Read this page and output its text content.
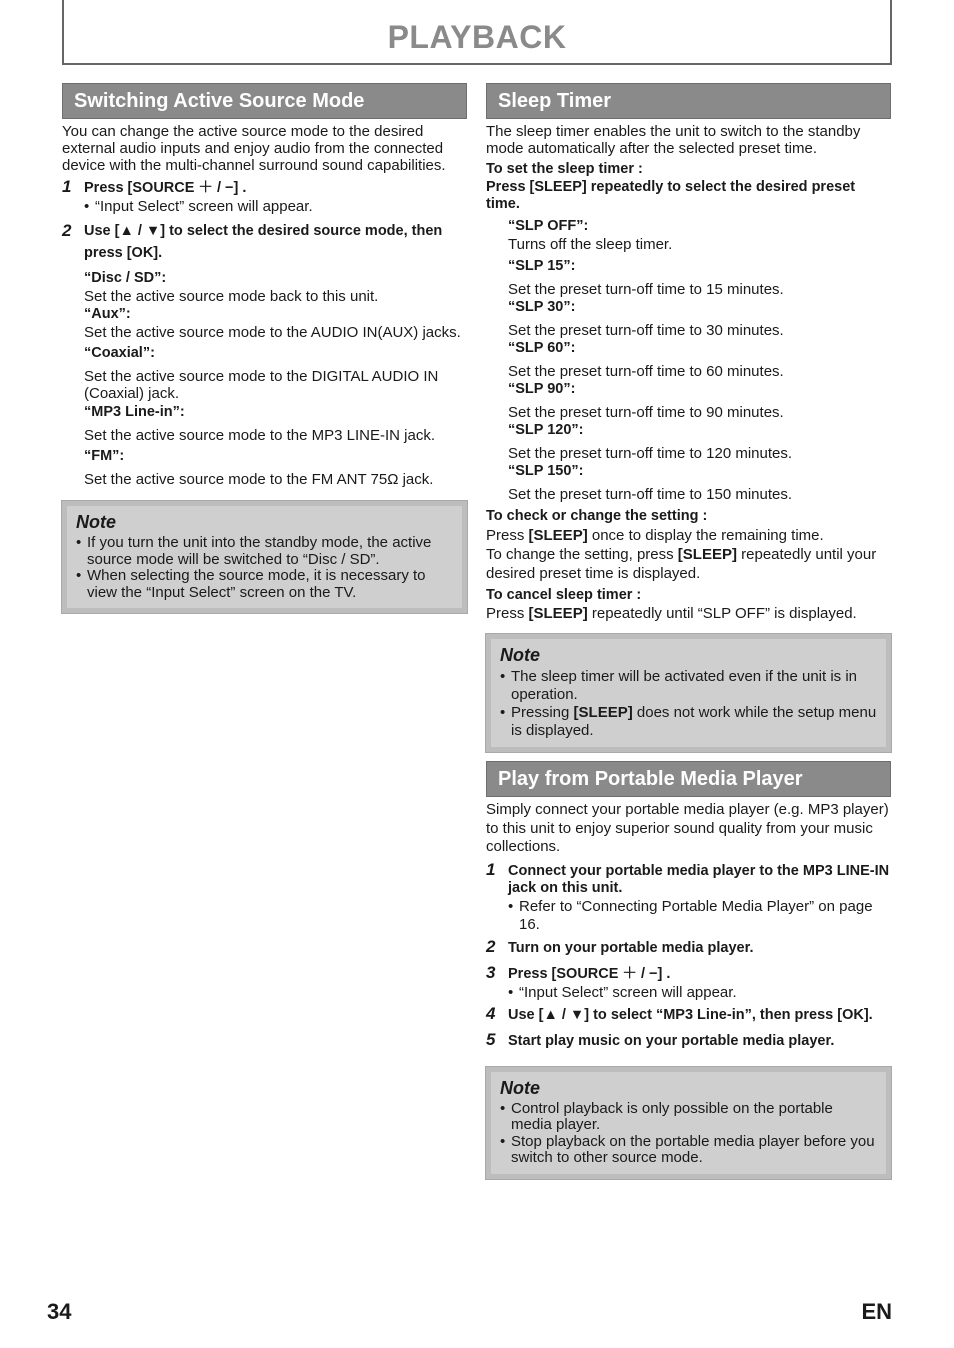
PLAYBACK
Switching Active Source Mode

You can change the active source mode to the desired external audio inputs and enjoy audio from the connected device with the multi-channel surround sound capabilities.

1 Press [SOURCE ＋ / −] .
• “Input Select” screen will appear.
2 Use [▲ / ▼] to select the desired source mode, then press [OK].
“Disc / SD”:
Set the active source mode back to this unit.
“Aux”:
Set the active source mode to the AUDIO IN(AUX) jacks.
“Coaxial”:
Set the active source mode to the DIGITAL AUDIO IN (Coaxial) jack.
“MP3 Line-in”:
Set the active source mode to the MP3 LINE-IN jack.
“FM”:
Set the active source mode to the FM ANT 75Ω jack.
Note
• If you turn the unit into the standby mode, the active source mode will be switched to “Disc / SD”.
• When selecting the source mode, it is necessary to view the “Input Select” screen on the TV.
Sleep Timer

The sleep timer enables the unit to switch to the standby mode automatically after the selected preset time.

To set the sleep timer :
Press [SLEEP] repeatedly to select the desired preset time.
“SLP OFF”:
Turns off the sleep timer.
“SLP 15”:
Set the preset turn-off time to 15 minutes.
“SLP 30”:
Set the preset turn-off time to 30 minutes.
“SLP 60”:
Set the preset turn-off time to 60 minutes.
“SLP 90”:
Set the preset turn-off time to 90 minutes.
“SLP 120”:
Set the preset turn-off time to 120 minutes.
“SLP 150”:
Set the preset turn-off time to 150 minutes.
To check or change the setting :

Press [SLEEP] once to display the remaining time.

To change the setting, press [SLEEP] repeatedly until your desired preset time is displayed.

To cancel sleep timer :

Press [SLEEP] repeatedly until “SLP OFF” is displayed.

Note
• The sleep timer will be activated even if the unit is in operation.
• Pressing [SLEEP] does not work while the setup menu is displayed.
Play from Portable Media Player

Simply connect your portable media player (e.g. MP3 player) to this unit to enjoy superior sound quality from your music collections.

1 Connect your portable media player to the MP3 LINE-IN jack on this unit.
• Refer to “Connecting Portable Media Player” on page 16.
2 Turn on your portable media player.
3 Press [SOURCE ＋ / −] .
• “Input Select” screen will appear.
4 Use [▲ / ▼] to select “MP3 Line-in”, then press [OK].
5 Start play music on your portable media player.
Note
• Control playback is only possible on the portable media player.
• Stop playback on the portable media player before you switch to other source mode.
34	EN
